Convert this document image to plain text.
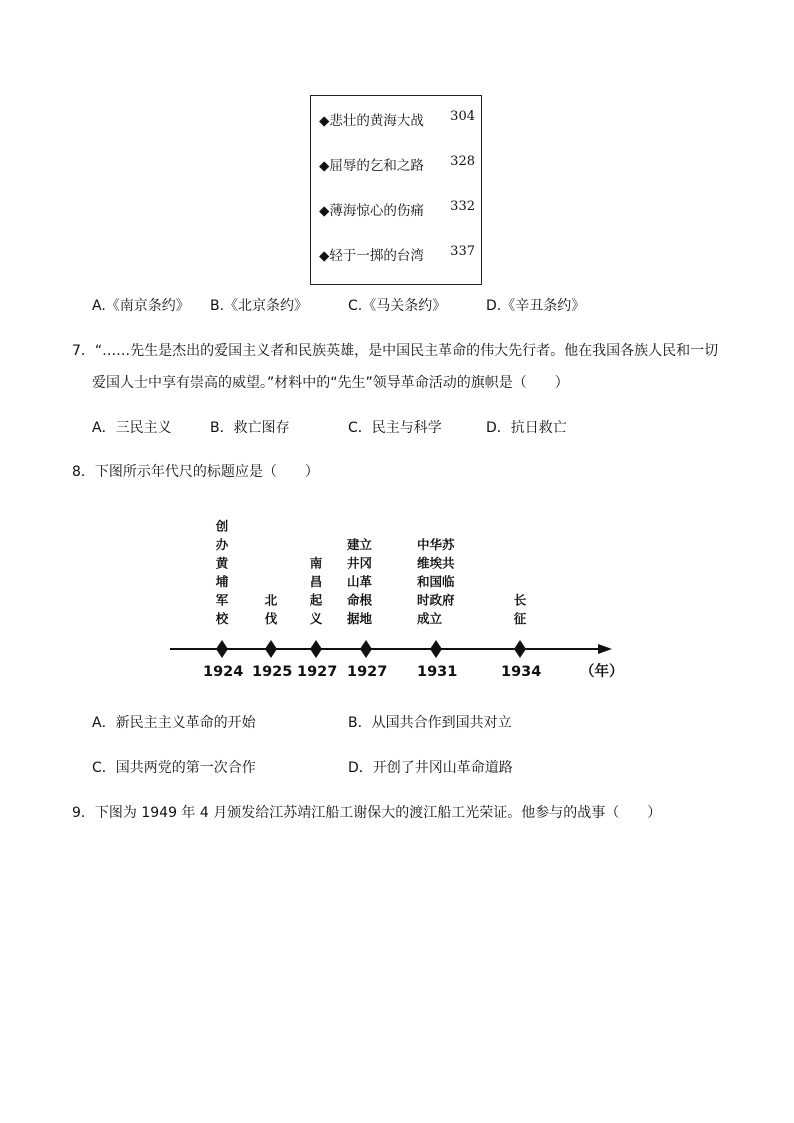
◆悲壮的黄海大战 304
◆屈辱的乞和之路 328
◆薄海惊心的伤痛 332
◆轻于一掷的台湾 337
A.《南京条约》 B.《北京条约》	C.《马关条约》	D.《辛丑条约》
7．“……先生是杰出的爱国主义者和民族英雄，是中国民主革命的伟大先行者。他在我国各族人民和一切
爱国人士中享有崇高的威望。”材料中的“先生”领导革命活动的旗帜是（　　）
A．三民主义	B．救亡图存	C．民主与科学	D．抗日救亡
8．下图所示年代尺的标题应是（　　）
创
办
黄
埔
军
校
1924
北
伐
1925
南
昌
起
义
1927
建立
井冈
山革
命根
据地
1927
中华苏
维埃共
和国临
时政府
成立
1931
长
征
1934	（年）
A．新民主主义革命的开始	B．从国共合作到国共对立
C．国共两党的第一次合作	D．开创了井冈山革命道路
9．下图为 1949 年 4 月颁发给江苏靖江船工谢保大的渡江船工光荣证。他参与的战事（　　）
